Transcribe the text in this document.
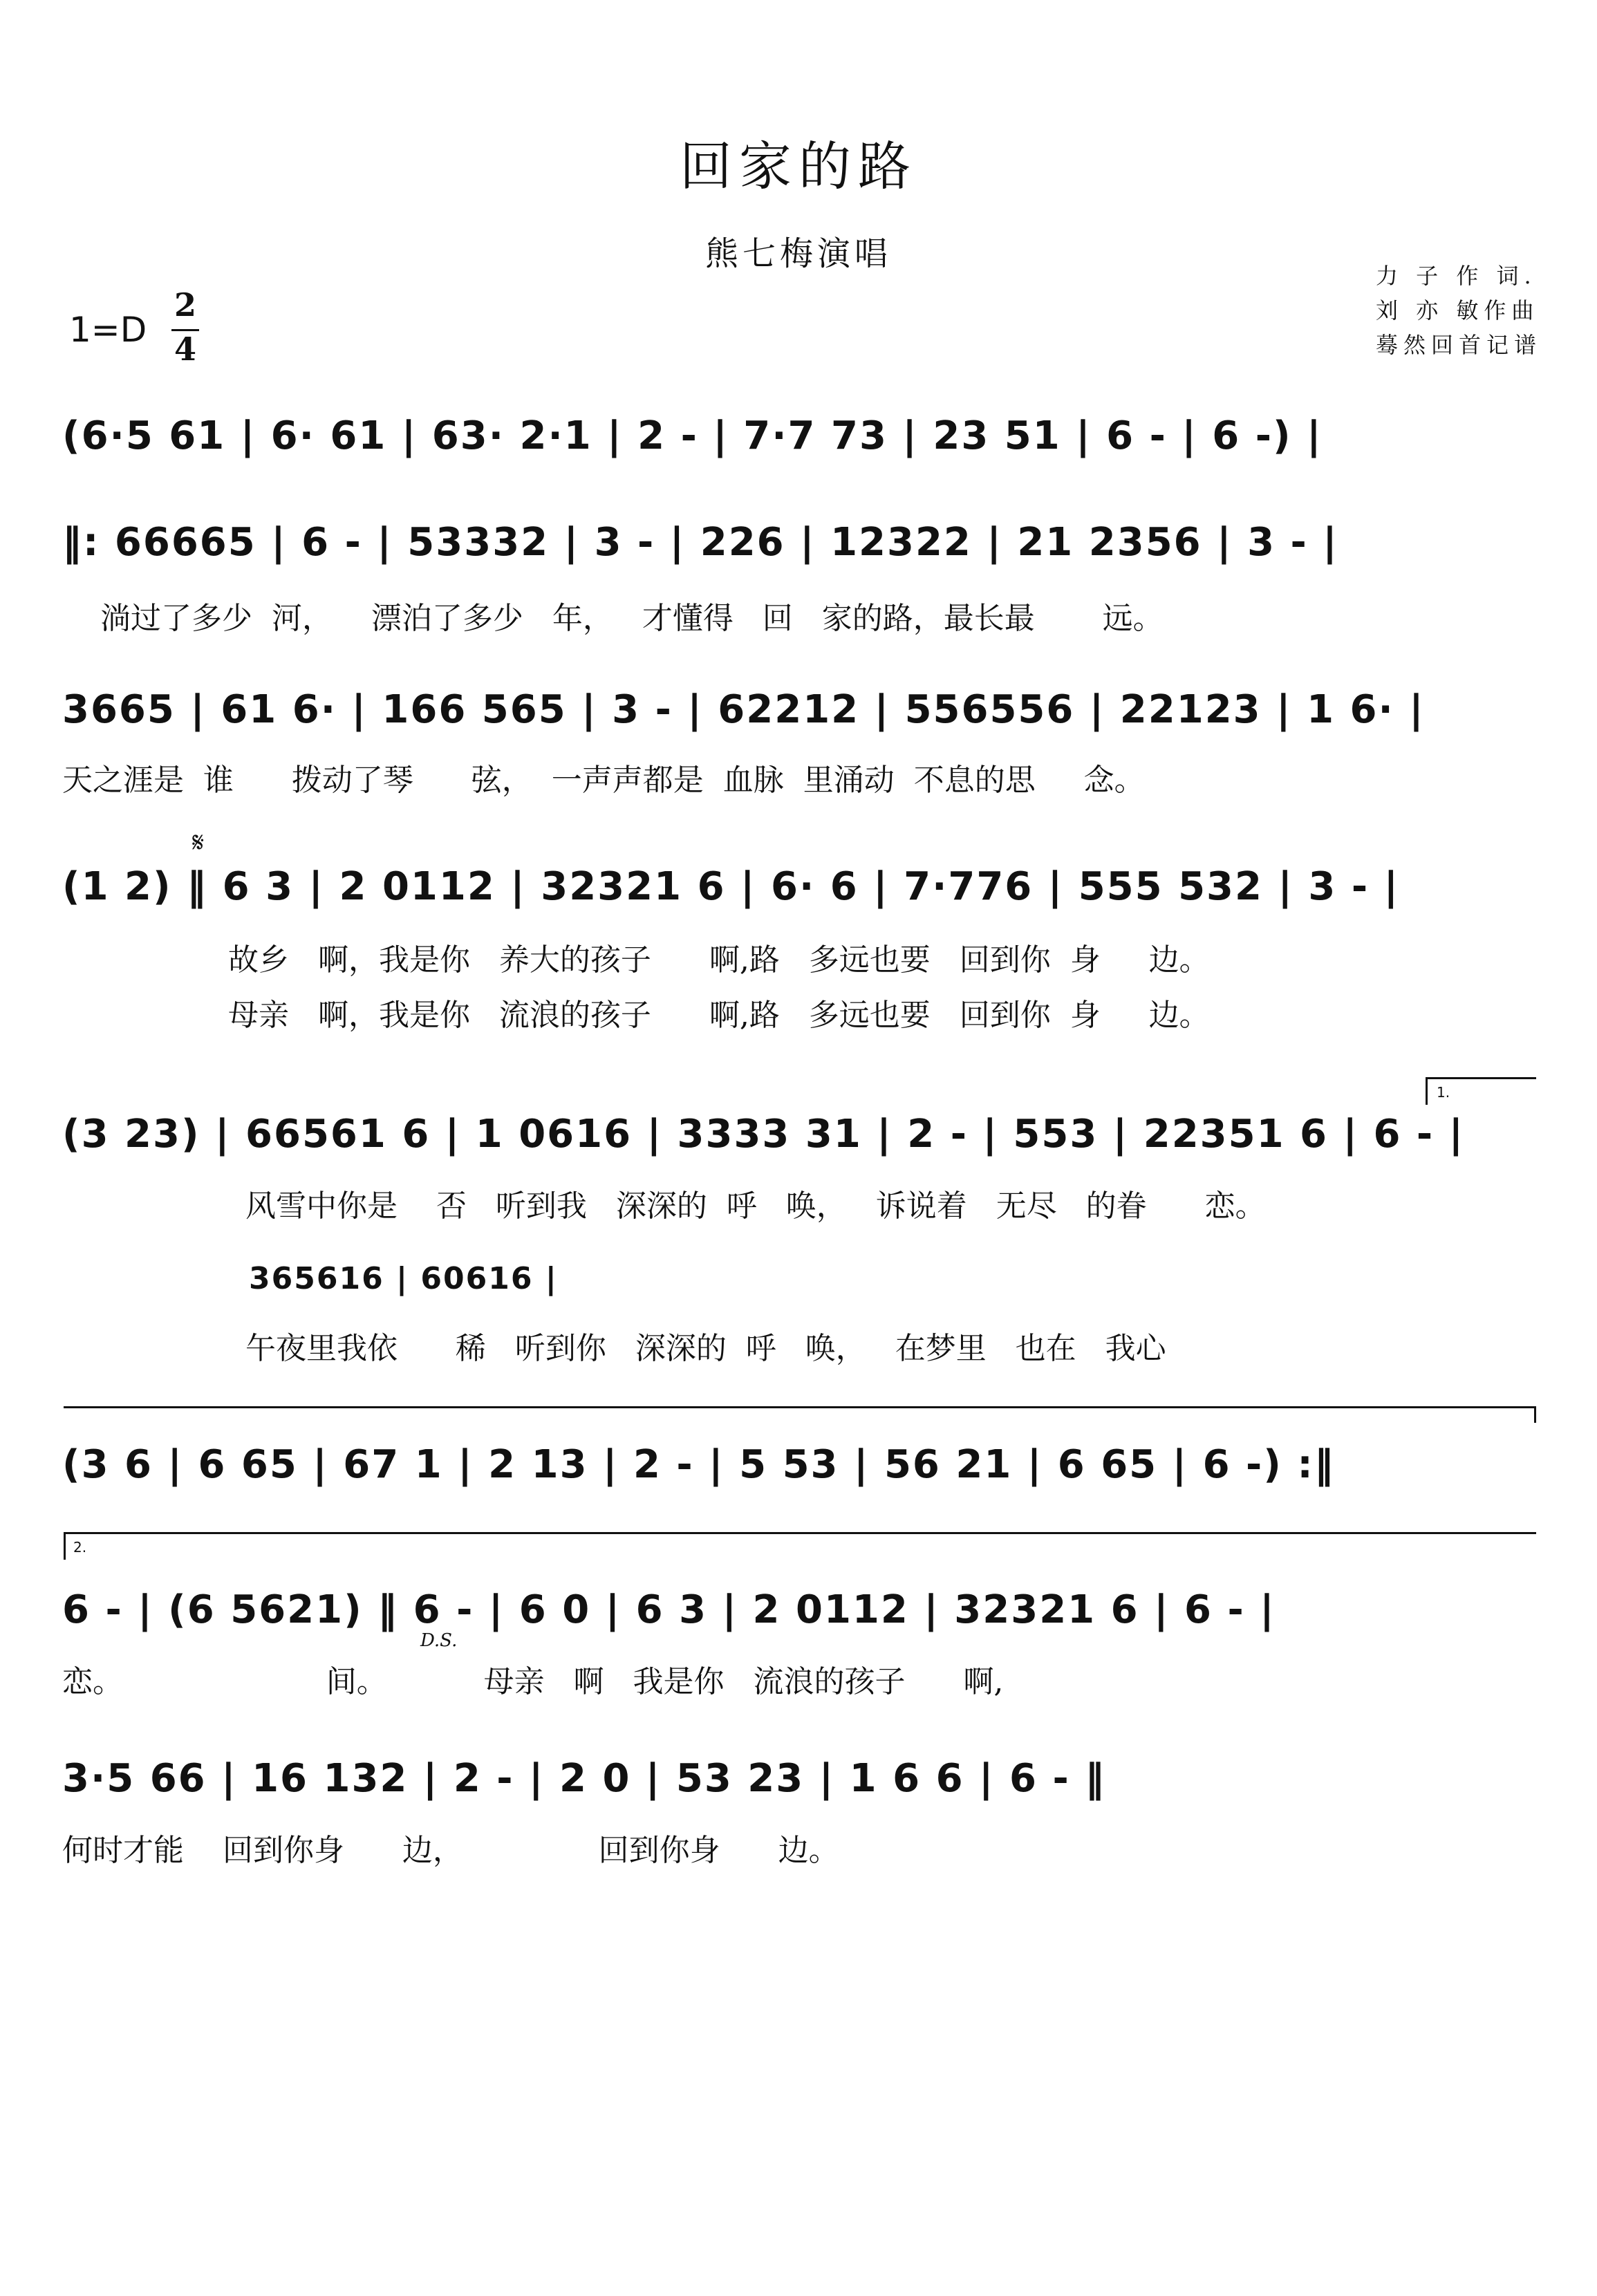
回家的路
熊七梅演唱
力 子 作 词.
刘 亦 敏作曲
蓦然回首记谱
1=D
2
4
(6·5 61 | 6· 61 | 63· 2·1 | 2 - | 7·7 73 | 23 51 | 6 - | 6 -) |
‖: 66665 | 6 - | 53332 | 3 - | 226 | 12322 | 21 2356 | 3 - |
淌过了多少  河，    漂泊了多少   年，   才懂得   回   家的路，最长最       远。
3665 | 61 6· | 166 565 | 3 - | 62212 | 556556 | 22123 | 1 6· |
天之涯是  谁      拨动了琴      弦，  一声声都是  血脉  里涌动  不息的思     念。
𝄋
(1 2) ‖ 6 3 | 2 0112 | 32321 6 | 6· 6 | 7·776 | 555 532 | 3 - |
故乡   啊，我是你   养大的孩子      啊,路   多远也要   回到你  身     边。
母亲   啊，我是你   流浪的孩子      啊,路   多远也要   回到你  身     边。
1.
(3 23) | 66561 6 | 1 0616 | 3333 31 | 2 - | 553 | 22351 6 | 6 - |
风雪中你是    否   听到我   深深的  呼   唤，   诉说着   无尽   的眷      恋。
365616 | 60616 |
午夜里我依      稀   听到你   深深的  呼   唤，   在梦里   也在   我心
(3 6 | 6 65 | 67 1 | 2 13 | 2 - | 5 53 | 56 21 | 6 65 | 6 -) :‖
2.
6 - | (6 5621) ‖ 6 - | 6 0 | 6 3 | 2 0112 | 32321 6 | 6 - |
D.S.
恋。                     间。          母亲   啊   我是你   流浪的孩子      啊,
3·5 66 | 16 132 | 2 - | 2 0 | 53 23 | 1 6 6 | 6 - ‖
何时才能    回到你身      边，              回到你身      边。
